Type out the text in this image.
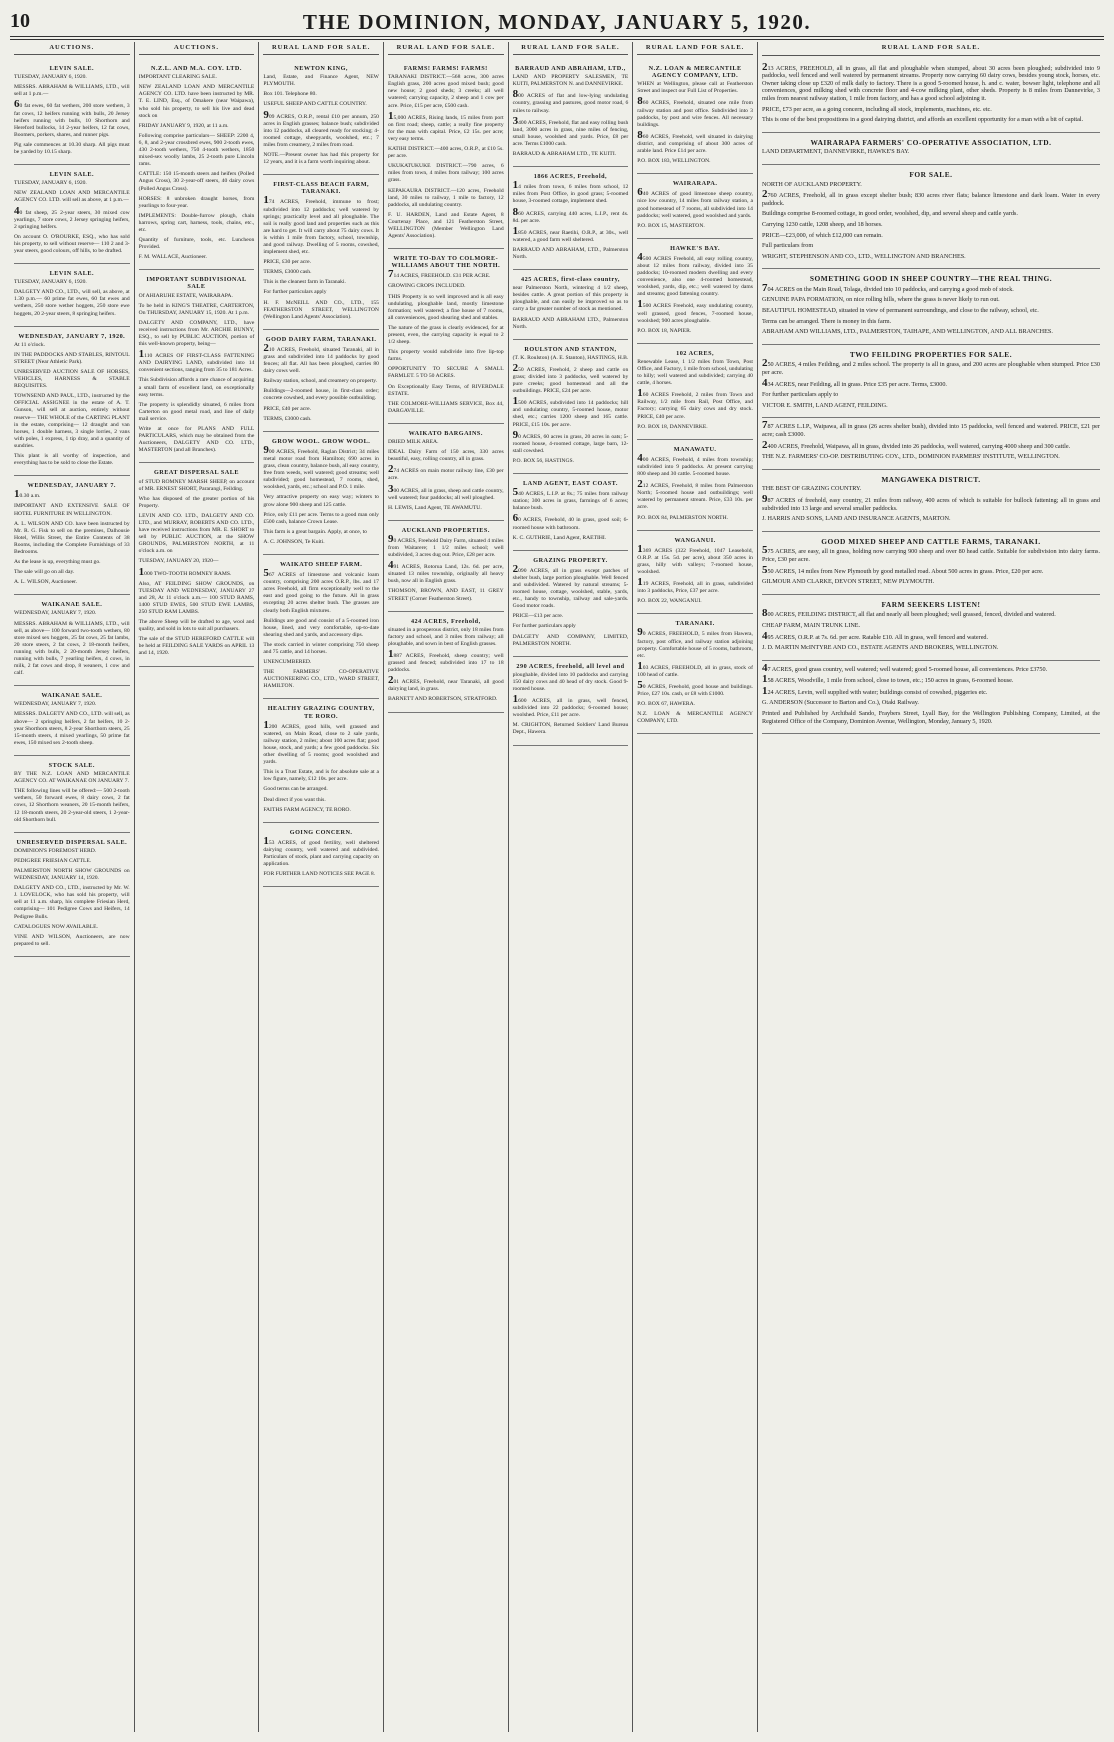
10	THE DOMINION, MONDAY, JANUARY 5, 1920.
AUCTIONS.
LEVIN SALE.

TUESDAY, JANUARY 6, 1920.

MESSRS. ABRAHAM & WILLIAMS, LTD., will sell at 1 p.m.—

60 fat ewes, 60 fat wethers, 200 store wethers, 3 fat cows, 12 heifers running with bulls, 20 Jersey heifers running with bulls, 10 Shorthorn and Hereford bullocks, 14 2-year heifers, 12 fat cows, Boomers, porkers, shares, and runner pigs.

Pig sale commences at 10.30 sharp. All pigs must be yarded by 10.15 sharp.

LEVIN SALE.

TUESDAY, JANUARY 6, 1920.

NEW ZEALAND LOAN AND MERCANTILE AGENCY CO. LTD. will sell as above, at 1 p.m.—

40 fat sheep, 25 2-year steers, 30 mixed cow yearlings, 7 store cows, 2 Jersey springing heifers, 2 springing heifers.

On account O. O'ROURKE, ESQ., who has sold his property, to sell without reserve— 110 2 and 3-year steers, good colours, off hills, to be drafted.

LEVIN SALE.

TUESDAY, JANUARY 6, 1920.

DALGETY AND CO., LTD., will sell, as above, at 1.30 p.m.— 60 prime fat ewes, 60 fat ewes and wethers, 250 store wether hoggets, 250 store ewe hoggets, 20 2-year steers, 8 springing heifers.

WEDNESDAY, JANUARY 7, 1920.

At 11 o'clock.

IN THE PADDOCKS AND STABLES, RINTOUL STREET (Near Athletic Park).

UNRESERVED AUCTION SALE OF HORSES, VEHICLES, HARNESS & STABLE REQUISITES.

TOWNSEND AND PAUL, LTD., instructed by the OFFICIAL ASSIGNEE in the estate of A. T. Gunson, will sell at auction, entirely without reserve— THE WHOLE of the CARTING PLANT in the estate, comprising— 12 draught and van horses, 1 double harness, 3 single lorries, 2 vans with poles, 1 express, 1 tip dray, and a quantity of sundries.

This plant is all worthy of inspection, and everything has to be sold to close the Estate.

WEDNESDAY, JANUARY 7.

10.30 a.m.

IMPORTANT AND EXTENSIVE SALE OF HOTEL FURNITURE IN WELLINGTON.

A. L. WILSON AND CO. have been instructed by Mr. R. G. Fisk to sell on the premises, Dalhousie Hotel, Willis Street, the Entire Contents of 38 Rooms, including the Complete Furnishings of 33 Bedrooms.

As the lease is up, everything must go.

The sale will go on all day.

A. L. WILSON, Auctioneer.

WAIKANAE SALE.

WEDNESDAY, JANUARY 7, 1920.

MESSRS. ABRAHAM & WILLIAMS, LTD., will sell, as above— 100 forward two-tooth wethers, 80 store mixed sex hoggets, 25 fat cows, 25 fat lambs, 20 store steers, 2 fat cows, 2 18-month heifers, running with bulls, 2 20-month Jersey heifers, running with bulls, 7 yearling heifers, 4 cows, in milk, 2 fat cows and drop, 8 weaners, 1 cow and calf.

WAIKANAE SALE.

WEDNESDAY, JANUARY 7, 1920.

MESSRS. DALGETY AND CO., LTD. will sell, as above— 2 springing heifers, 2 fat heifers, 10 2-year Shorthorn steers, 8 2-year Shorthorn steers, 25 15-month steers, 4 mixed yearlings, 50 prime fat ewes, 150 mixed sex 2-tooth sheep.

STOCK SALE.

BY THE N.Z. LOAN AND MERCANTILE AGENCY CO. AT WAIKANAE ON JANUARY 7.

THE following lines will be offered:— 500 2-tooth wethers, 50 forward ewes, 8 dairy cows, 2 fat cows, 12 Shorthorn weaners, 20 15-month heifers, 12 18-month steers, 20 2-year-old steers, 1 2-year-old Shorthorn bull.

UNRESERVED DISPERSAL SALE.

DOMINION'S FOREMOST HERD.

PEDIGREE FRIESIAN CATTLE.

PALMERSTON NORTH SHOW GROUNDS on WEDNESDAY, JANUARY 14, 1920.

DALGETY AND CO., LTD., instructed by Mr. W. J. LOVELOCK, who has sold his property, will sell at 11 a.m. sharp, his complete Friesian Herd, comprising— 101 Pedigree Cows and Heifers, 14 Pedigree Bulls.

CATALOGUES NOW AVAILABLE.

VINE AND WILSON, Auctioneers, are now prepared to sell.

AUCTIONS.
N.Z.L. AND M.A. COY. LTD.

IMPORTANT CLEARING SALE.

NEW ZEALAND LOAN AND MERCANTILE AGENCY CO. LTD. have been instructed by MR. T. E. LIND, Esq., of Omakere (near Waipawa), who sold his property, to sell his live and dead stock on

FRIDAY JANUARY 9, 1920, at 11 a.m.

Following comprise particulars— SHEEP: 2200 4, 6, 8, and 2-year crossbred ewes, 900 2-tooth ewes, 430 2-tooth wethers, 750 4-tooth wethers, 1850 mixed-sex woolly lambs, 25 2-tooth pure Lincoln rams.

CATTLE: 150 15-month steers and heifers (Polled Angus Cross), 30 2-year-off steers, 40 dairy cows (Polled Angus Cross).

HORSES: 8 unbroken draught horses, from yearlings to four-year.

IMPLEMENTS: Double-furrow plough, chain harrows, spring cart, harness, tools, chains, etc., etc.

Quantity of furniture, tools, etc. Luncheon Provided.

F. M. WALLACE, Auctioneer.

IMPORTANT SUBDIVISIONAL SALE

Of AHIARUHE ESTATE, WAIRARAPA.

To be held in KING'S THEATRE, CARTERTON, On THURSDAY, JANUARY 15, 1920. At 1 p.m.

DALGETY AND COMPANY, LTD., have received instructions from Mr. ARCHIE BUNNY, ESQ., to sell by PUBLIC AUCTION, portion of this well-known property, being—

1110 ACRES OF FIRST-CLASS FATTENING AND DAIRYING LAND, subdivided into 14 convenient sections, ranging from 35 to 181 Acres.

This Subdivision affords a rare chance of acquiring a small farm of excellent land, on exceptionally easy terms.

The property is splendidly situated, 6 miles from Carterton on good metal road, and line of daily mail service.

Write at once for PLANS AND FULL PARTICULARS, which may be obtained from the Auctioneers, DALGETY AND CO. LTD., MASTERTON (and all Branches).

GREAT DISPERSAL SALE

of STUD ROMNEY MARSH SHEEP, on account of MR. ERNEST SHORT, Pararangi, Feilding.

Who has disposed of the greater portion of his Property.

LEVIN AND CO. LTD., DALGETY AND CO. LTD., and MURRAY, ROBERTS AND CO. LTD., have received instructions from MR. E. SHORT to sell by PUBLIC AUCTION, at the SHOW GROUNDS, PALMERSTON NORTH, at 11 o'clock a.m. on

TUESDAY, JANUARY 20, 1920—

1000 TWO-TOOTH ROMNEY RAMS.

Also, AT FEILDING SHOW GROUNDS, on TUESDAY AND WEDNESDAY, JANUARY 27 and 28, At 11 o'clock a.m.— 100 STUD RAMS, 1400 STUD EWES, 500 STUD EWE LAMBS, 250 STUD RAM LAMBS.

The above Sheep will be drafted to age, wool and quality, and sold in lots to suit all purchasers.

The sale of the STUD HEREFORD CATTLE will be held at FEILDING SALE YARDS on APRIL 13 and 14, 1920.

RURAL LAND FOR SALE.
NEWTON KING,

Land, Estate, and Finance Agent, NEW PLYMOUTH.

Box 101. Telephone 80.

USEFUL SHEEP AND CATTLE COUNTRY.

909 ACRES, O.R.P., rental £10 per annum, 250 acres in English grasses; balance bush; subdivided into 12 paddocks, all cleared ready for stocking; 4-roomed cottage, sheepyards, woolshed, etc.; 7 miles from creamery, 2 miles from road.

NOTE.—Present owner has had this property for 12 years, and it is a farm worth inquiring about.

FIRST-CLASS BEACH FARM, TARANAKI.

174 ACRES, Freehold, immune to frost; subdivided into 12 paddocks; well watered by springs; practically level and all ploughable. The soil is really good land and properties such as this are hard to get. It will carry about 75 dairy cows. It is within 1 mile from factory, school, township, and good railway. Dwelling of 5 rooms, cowshed, implement shed, etc.

PRICE, £30 per acre.

TERMS, £3000 cash.

This is the cleanest farm in Taranaki.

For further particulars apply

H. F. McNEILL AND CO., LTD., 155 FEATHERSTON STREET, WELLINGTON (Wellington Land Agents' Association).

GOOD DAIRY FARM, TARANAKI.

210 ACRES, Freehold, situated Taranaki, all in grass and subdivided into 14 paddocks by good fences; all flat. All has been ploughed, carries 80 dairy cows well.

Railway station, school, and creamery on property.

Buildings—2-roomed house, in first-class order; concrete cowshed, and every possible outbuilding.

PRICE, £40 per acre.

TERMS, £3000 cash.

GROW WOOL. GROW WOOL.

900 ACRES, Freehold, Raglan District; 34 miles metal motor road from Hamilton; 690 acres in grass, clean country, balance bush, all easy country, free from weeds, well watered; good streams; well subdivided; good homestead, 7 rooms, shed, woolshed, yards, etc.; school and P.O. 1 mile.

Very attractive property on easy way; winters to grow alone 900 sheep and 125 cattle.

Price, only £11 per acre. Terms to a good man only £500 cash, balance Crown Lease.

This farm is a great bargain. Apply, at once, to

A. C. JOHNSON, Te Kuiti.

WAIKATO SHEEP FARM.

567 ACRES of limestone and volcanic loam country, comprising 200 acres O.R.P., lbs. and 17 acres Freehold, all firm exceptionally well to the east and good going to the future. All in grass excepting 20 acres shelter bush. The grasses are clearly both English mixtures.

Buildings are good and consist of a 5-roomed iron house, lined, and very comfortable, up-to-date shearing shed and yards, and accessory dips.

The stock carried in winter comprising 750 sheep and 75 cattle, and 14 horses.

UNENCUMBERED.

THE FARMERS' CO-OPERATIVE AUCTIONEERING CO., LTD., WARD STREET, HAMILTON.

HEALTHY GRAZING COUNTRY, TE RORO.

1200 ACRES, good hills, well grassed and watered, on Main Road, close to 2 sale yards, railway station, 2 miles; about 100 acres flat; good house, stock, and yards; a few good paddocks. Six other dwelling of 5 rooms; good woolshed and yards.

This is a Trust Estate, and is for absolute sale at a low figure, namely, £12 10s. per acre.

Good terms can be arranged.

Deal direct if you want this.

FAITHS FARM AGENCY, TE RORO.

GOING CONCERN.

153 ACRES, of good fertility, well sheltered dairying country, well watered and subdivided. Particulars of stock, plant and carrying capacity on application.

FOR FURTHER LAND NOTICES SEE PAGE 8.

RURAL LAND FOR SALE.
FARMS! FARMS! FARMS!

TARANAKI DISTRICT.—568 acres, 300 acres English grass, 200 acres good mixed bush; good new house; 2 good sheds; 3 creeks; all well watered; carrying capacity, 2 sheep and 1 cow per acre. Price, £15 per acre, £500 cash.

15,000 ACRES, Rising lands, 15 miles from port on first road; sheep, cattle; a really fine property for the man with capital. Price, £2 15s. per acre; very easy terms.

KATIHI DISTRICT.—400 acres, O.R.P., at £10 5s. per acre.

UKUKATUKUKE DISTRICT.—790 acres, 6 miles from town, 4 miles from railway; 100 acres grass.

KEPAKAURA DISTRICT.—120 acres, Freehold land, 30 miles to railway, 1 mile to factory, 12 paddocks, all undulating country.

F. U. HARDEN, Land and Estate Agent, 8 Courtenay Place, and 121 Featherston Street, WELLINGTON (Member Wellington Land Agents' Association).

WRITE TO-DAY TO COLMORE-WILLIAMS ABOUT THE NORTH.

714 ACRES, FREEHOLD. £31 PER ACRE.

GROWING CROPS INCLUDED.

THIS Property is so well improved and is all easy undulating, ploughable land, mostly limestone formation; well watered; a fine house of 7 rooms, all conveniences, good shearing shed and stables.

The nature of the grass is clearly evidenced, for at present, even, the carrying capacity is equal to 2 1/2 sheep.

This property would subdivide into five lip-top farms.

OPPORTUNITY TO SECURE A SMALL FARMLET. 5 TO 50 ACRES.

On Exceptionally Easy Terms, of RIVERDALE ESTATE.

THE COLMORE-WILLIAMS SERVICE, Box 44, DARGAVILLE.

WAIKATO BARGAINS.

DRIED MILK AREA.

IDEAL Dairy Farm of 150 acres, 330 acres beautiful, easy, rolling country, all in grass.

274 ACRES on main motor railway line, £30 per acre.

300 ACRES, all in grass, sheep and cattle country, well watered; four paddocks; all well ploughed.

H. LEWIS, Land Agent, TE AWAMUTU.

AUCKLAND PROPERTIES.

90 ACRES, Freehold Dairy Farm, situated 4 miles from Waitarere; 1 1/2 miles school; well subdivided, 3 acres dug out. Price, £28 per acre.

491 ACRES, Rotorua Land, 12s. 6d. per acre, situated 13 miles township, originally all heavy bush, now all in English grass.

THOMSON, BROWN, AND EAST, 11 GREY STREET (Corner Featherston Street).

424 ACRES, Freehold,

situated in a prosperous district, only 18 miles from factory and school, and 3 miles from railway; all ploughable, and sown in best of English grasses.

1887 ACRES, Freehold, sheep country; well grassed and fenced; subdivided into 17 to 18 paddocks.

201 ACRES, Freehold, near Taranaki, all good dairying land, in grass.

BARNETT AND ROBERTSON, STRATFORD.

RURAL LAND FOR SALE.
BARRAUD AND ABRAHAM, LTD.,

LAND AND PROPERTY SALESMEN, TE KUITI, PALMERSTON N. and DANNEVIRKE.

800 ACRES of flat and low-lying undulating country, grassing and pastures, good motor road, 6 miles to railway.

3400 ACRES, Freehold, flat and easy rolling bush land, 3000 acres in grass, nine miles of fencing, small house, woolshed and yards. Price, £8 per acre. Terms £1000 cash.

BARRAUD & ABRAHAM LTD., TE KUITI.

1866 ACRES, Freehold,

14 miles from town, 6 miles from school, 12 miles from Post Office, in good grass; 5-roomed house, 3-roomed cottage, implement shed.

860 ACRES, carrying 440 acres, L.I.P., rent 4s. 8d. per acre.

1850 ACRES, near Raetihi, O.R.P., at 30s., well watered, a good farm well sheltered.

BARRAUD AND ABRAHAM, LTD., Palmerston North.

425 ACRES, first-class country,

near Palmerston North, wintering 4 1/2 sheep, besides cattle. A great portion of this property is ploughable, and can easily be improved so as to carry a far greater number of stock as mentioned.

BARRAUD AND ABRAHAM LTD., Palmerston North.

ROULSTON AND STANTON,

(T. K. Roulston) (A. E. Stanton), HASTINGS, H.B.

250 ACRES, Freehold, 2 sheep and cattle on grass; divided into 3 paddocks, well watered by pure creeks; good homestead and all the outbuildings. PRICE, £24 per acre.

1500 ACRES, subdivided into 14 paddocks; hill and undulating country, 5-roomed house, motor shed, etc.; carries 1200 sheep and 165 cattle. PRICE, £15 10s. per acre.

90 ACRES, 60 acres in grass, 20 acres in oats; 5-roomed house, 4-roomed cottage, large barn, 12-stall cowshed.

P.O. BOX 56, HASTINGS.

LAND AGENT, EAST COAST.

540 ACRES, L.I.P. at 8s.; 75 miles from railway station; 300 acres in grass, farmings of 6 acres; balance bush.

60 ACRES, Freehold, 40 in grass, good soil; 6-roomed house with bathroom.

K. C. GUTHRIE, Land Agent, RAETIHI.

GRAZING PROPERTY.

2090 ACRES, all in grass except patches of shelter bush, large portion ploughable. Well fenced and subdivided. Watered by natural streams; 5-roomed house, cottage, woolshed, stable, yards, etc., handy to township, railway and sale-yards. Good motor roads.

PRICE—£13 per acre.

For further particulars apply

DALGETY AND COMPANY, LIMITED, PALMERSTON NORTH.

290 ACRES, freehold, all level and

ploughable, divided into 10 paddocks and carrying 150 dairy cows and 40 head of dry stock. Good 9-roomed house.

1600 ACRES, all in grass, well fenced, subdivided into 22 paddocks; 6-roomed house; woolshed. Price, £11 per acre.

M. CRIGHTON, Returned Soldiers' Land Bureau Dept., Hawera.

RURAL LAND FOR SALE.
N.Z. LOAN & MERCANTILE AGENCY COMPANY, LTD.

WHEN at Wellington, please call at Featherston Street and inspect our Full List of Properties.

860 ACRES, Freehold, situated one mile from railway station and post office. Subdivided into 3 paddocks, by post and wire fences. All necessary buildings.

860 ACRES, Freehold, well situated in dairying district, and comprising of about 300 acres of arable land. Price £14 per acre.

P.O. BOX 183, WELLINGTON.

WAIRARAPA.

640 ACRES of good limestone sheep country, nice low country, 14 miles from railway station, a good homestead of 7 rooms, all subdivided into 14 paddocks; well watered, good woolshed and yards.

P.O. BOX 15, MASTERTON.

HAWKE'S BAY.

4500 ACRES Freehold, all easy rolling country, about 12 miles from railway, divided into 35 paddocks; 10-roomed modern dwelling and every convenience, also one 4-roomed homestead, woolshed, yards, dip, etc.; well watered by dams and streams; good fattening country.

1500 ACRES Freehold, easy undulating country, well grassed, good fences, 7-roomed house, woolshed; 900 acres ploughable.

P.O. BOX 18, NAPIER.

102 ACRES,

Renewable Lease, 1 1/2 miles from Town, Post Office, and Factory, 1 mile from school, undulating to hilly; well watered and subdivided; carrying 40 cattle, 4 horses.

160 ACRES Freehold, 2 miles from Town and Railway, 1/2 mile from Rail, Post Office, and Factory; carrying 65 dairy cows and dry stock. PRICE, £40 per acre.

P.O. BOX 18, DANNEVIRKE.

MANAWATU.

400 ACRES, Freehold, 4 miles from township; subdivided into 9 paddocks. At present carrying 800 sheep and 30 cattle. 5-roomed house.

212 ACRES, Freehold, 8 miles from Palmerston North; 5-roomed house and outbuildings; well watered by permanent stream. Price, £33 10s. per acre.

P.O. BOX 84, PALMERSTON NORTH.

WANGANUI.

1369 ACRES (322 Freehold, 1047 Leasehold, O.R.P. at 15s. 5d. per acre), about 350 acres in grass, hilly with valleys; 7-roomed house, woolshed.

119 ACRES, Freehold, all in grass, subdivided into 3 paddocks, Price, £37 per acre.

P.O. BOX 22, WANGANUI.

TARANAKI.

90 ACRES, FREEHOLD, 5 miles from Hawera, factory, post office, and railway station adjoining property. Comfortable house of 5 rooms, bathroom, etc.

103 ACRES, FREEHOLD, all in grass, stock of 100 head of cattle.

50 ACRES, Freehold, good house and buildings. Price, £27 10s. cash, or £8 with £1000.

P.O. BOX 67, HAWERA.

N.Z. LOAN & MERCANTILE AGENCY COMPANY, LTD.

RURAL LAND FOR SALE.

213 ACRES, FREEHOLD, all in grass, all flat and ploughable when stumped, about 30 acres been ploughed; subdivided into 9 paddocks, well fenced and well watered by permanent streams. Property now carrying 60 dairy cows, besides young stock, horses, etc. Owner taking close up £320 of milk daily to factory. There is a good 5-roomed house, h. and c. water, bowser light, telephone and all conveniences, good milking shed with concrete floor and 4-cow milking plant, other sheds. Property is 8 miles from Dannevirke, 3 miles from nearest railway station, 1 mile from factory, and has a good school adjoining it.

PRICE, £73 per acre, as a going concern, including all stock, implements, machines, etc. etc.

This is one of the best propositions in a good dairying district, and affords an excellent opportunity for a man with a bit of capital.

WAIRARAPA FARMERS' CO-OPERATIVE ASSOCIATION, LTD.

LAND DEPARTMENT, DANNEVIRKE, HAWKE'S BAY.

FOR SALE.

NORTH OF AUCKLAND PROPERTY.

2760 ACRES, Freehold, all in grass except shelter bush; 830 acres river flats; balance limestone and dark loam. Water in every paddock.

Buildings comprise 8-roomed cottage, in good order, woolshed, dip, and several sheep and cattle yards.

Carrying 1230 cattle, 1208 sheep, and 18 horses.

PRICE—£23,000, of which £12,000 can remain.

Full particulars from

WRIGHT, STEPHENSON AND CO., LTD., WELLINGTON AND BRANCHES.

SOMETHING GOOD IN SHEEP COUNTRY—THE REAL THING.

704 ACRES on the Main Road, Tolaga, divided into 10 paddocks, and carrying a good mob of stock.

GENUINE PAPA FORMATION, on nice rolling hills, where the grass is never likely to run out.

BEAUTIFUL HOMESTEAD, situated in view of permanent surroundings, and close to the railway, school, etc.

Terms can be arranged. There is money in this farm.

ABRAHAM AND WILLIAMS, LTD., PALMERSTON, TAIHAPE, AND WELLINGTON, AND ALL BRANCHES.

TWO FEILDING PROPERTIES FOR SALE.

250 ACRES, 4 miles Feilding, and 2 miles school. The property is all in grass, and 200 acres are ploughable when stumped. Price £30 per acre.

434 ACRES, near Feilding, all in grass. Price £35 per acre. Terms, £3000.

For further particulars apply to

VICTOR E. SMITH, LAND AGENT, FEILDING.

787 ACRES L.I.P., Waipawa, all in grass (26 acres shelter bush), divided into 15 paddocks, well fenced and watered. PRICE, £21 per acre; cash £3000.

2400 ACRES, Freehold, Waipawa, all in grass, divided into 26 paddocks, well watered, carrying 4000 sheep and 300 cattle.

THE N.Z. FARMERS' CO-OP. DISTRIBUTING COY., LTD., DOMINION FARMERS' INSTITUTE, WELLINGTON.

MANGAWEKA DISTRICT.

THE BEST OF GRAZING COUNTRY.

987 ACRES of freehold, easy country, 21 miles from railway, 400 acres of which is suitable for bullock fattening; all in grass and subdivided into 13 large and several smaller paddocks.

J. HARRIS AND SONS, LAND AND INSURANCE AGENTS, MARTON.

GOOD MIXED SHEEP AND CATTLE FARMS, TARANAKI.

575 ACRES, are easy, all in grass, holding now carrying 900 sheep and over 80 head cattle. Suitable for subdivision into dairy farms. Price, £30 per acre.

550 ACRES, 14 miles from New Plymouth by good metalled road. About 500 acres in grass. Price, £20 per acre.

GILMOUR AND CLARKE, DEVON STREET, NEW PLYMOUTH.

FARM SEEKERS LISTEN!

800 ACRES, FEILDING DISTRICT, all flat and nearly all been ploughed; well grassed, fenced, divided and watered.

CHEAP FARM, MAIN TRUNK LINE.

495 ACRES, O.R.P. at 7s. 6d. per acre. Ratable £10. All in grass, well fenced and watered.

J. D. MARTIN McINTYRE AND CO., ESTATE AGENTS AND BROKERS, WELLINGTON.

47 ACRES, good grass country, well watered; well watered; good 5-roomed house, all conveniences. Price £3750.

158 ACRES, Woodville, 1 mile from school, close to town, etc.; 150 acres in grass, 6-roomed house.

124 ACRES, Levin, well supplied with water; buildings consist of cowshed, piggeries etc.

G. ANDERSON (Successor to Barton and Co.), Otaki Railway.

Printed and Published by Archibald Sando, Fraybers Street, Lyall Bay, for the Wellington Publishing Company, Limited, at the Registered Office of the Company, Dominion Avenue, Wellington, Monday, January 5, 1920.
